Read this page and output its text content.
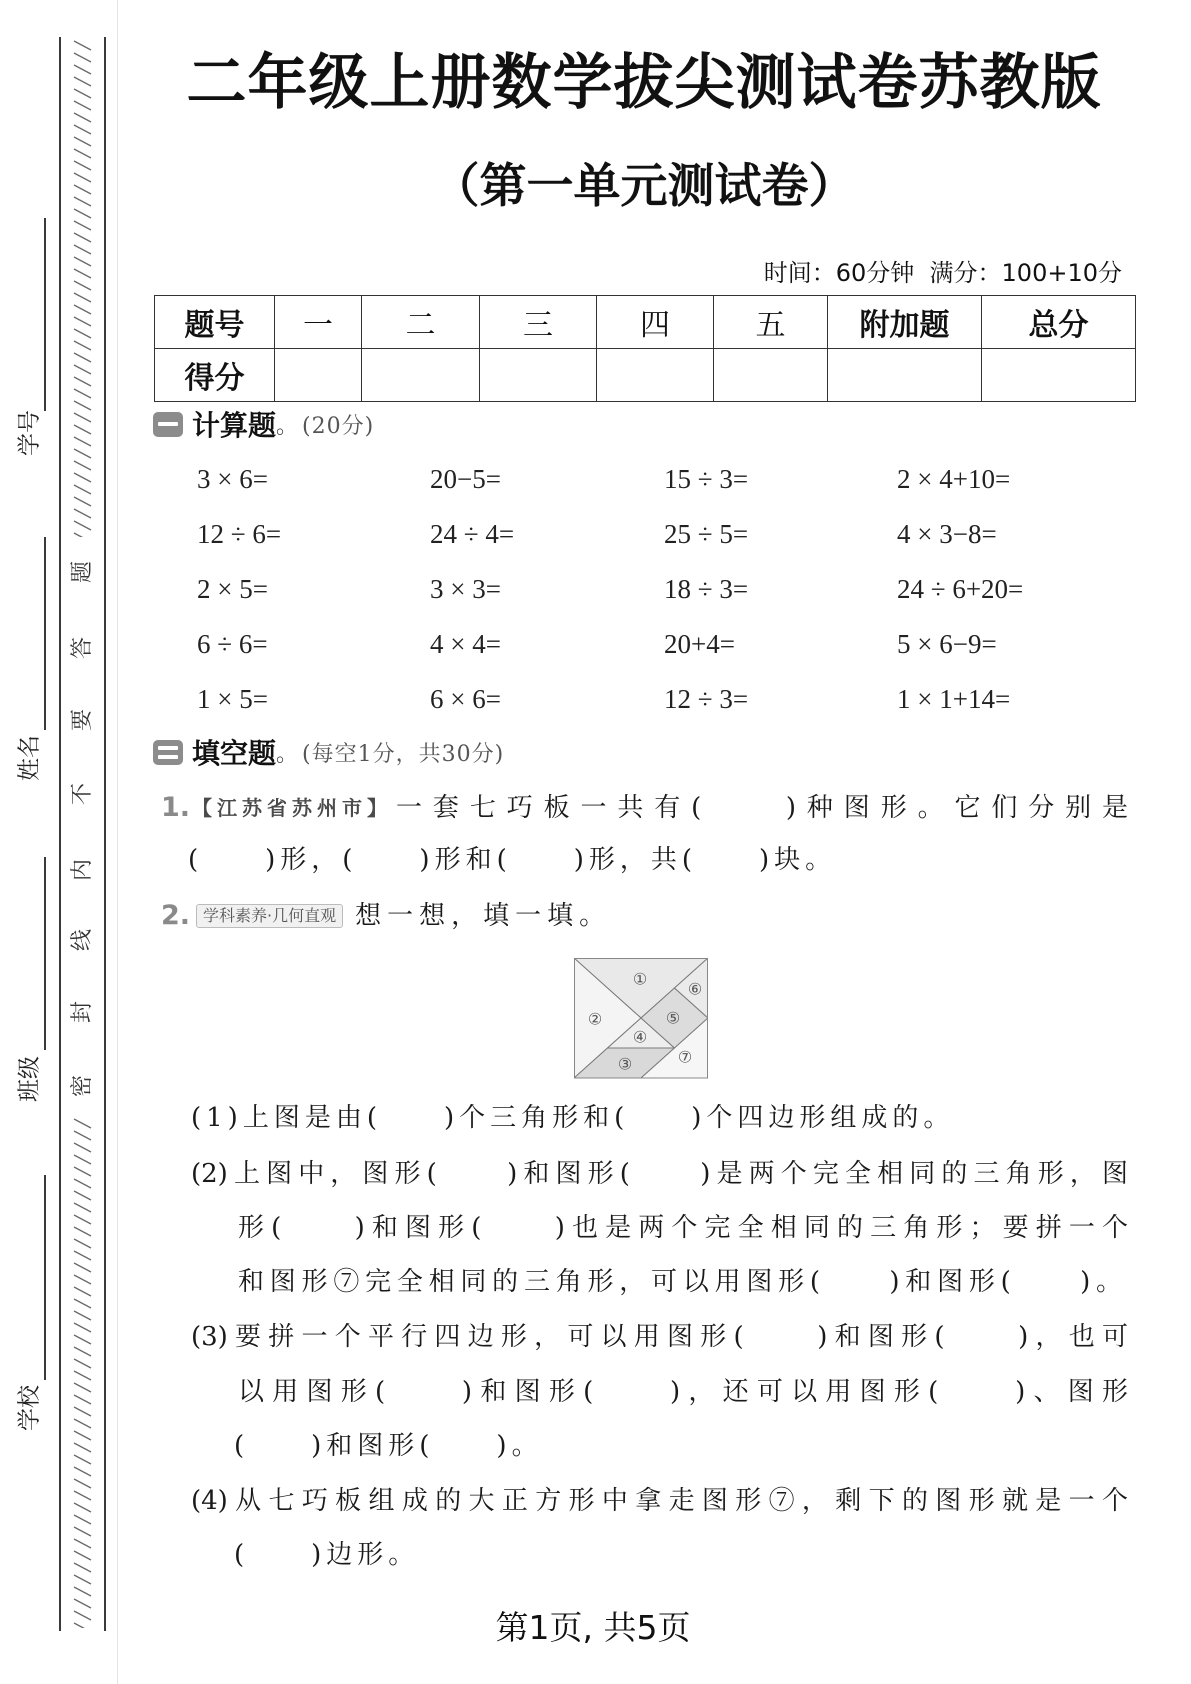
密
封
线
内
不
要
答
题
学号
姓名
班级
学校
二年级上册数学拔尖测试卷苏教版
（第一单元测试卷）
时间：60分钟  满分：100+10分
题号	一	二	三	四	五	附加题	总分
得分							
计算题 。 (20分)
3 × 6=	20−5=	15 ÷ 3=	2 × 4+10=
12 ÷ 6=	24 ÷ 4=	25 ÷ 5=	4 × 3−8=
2 × 5=	3 × 3=	18 ÷ 3=	24 ÷ 6+20=
6 ÷ 6=	4 × 4=	20+4=	5 × 6−9=
1 × 5=	6 × 6=	12 ÷ 3=	1 × 1+14=
填空题 。 (每空1分，共30分)
1. 【江苏省苏州市】 一套七巧板一共有(　　)种图形。它们分别是
(　　)形，(　　)形和(　　)形，共(　　)块。
2. 学科素养·几何直观 想一想，填一填。
①
②
③
④
⑤
⑥
⑦
(1)上图是由(　　)个三角形和(　　)个四边形组成的。
(2)上图中，图形(　　)和图形(　　)是两个完全相同的三角形，图
形(　　)和图形(　　)也是两个完全相同的三角形；要拼一个
和图形⑦完全相同的三角形，可以用图形(　　)和图形(　　)。
(3)要拼一个平行四边形，可以用图形(　　)和图形(　　)，也可
以用图形(　　)和图形(　　)，还可以用图形(　　)、图形
(　　)和图形(　　)。
(4)从七巧板组成的大正方形中拿走图形⑦，剩下的图形就是一个
(　　)边形。
第1页, 共5页
